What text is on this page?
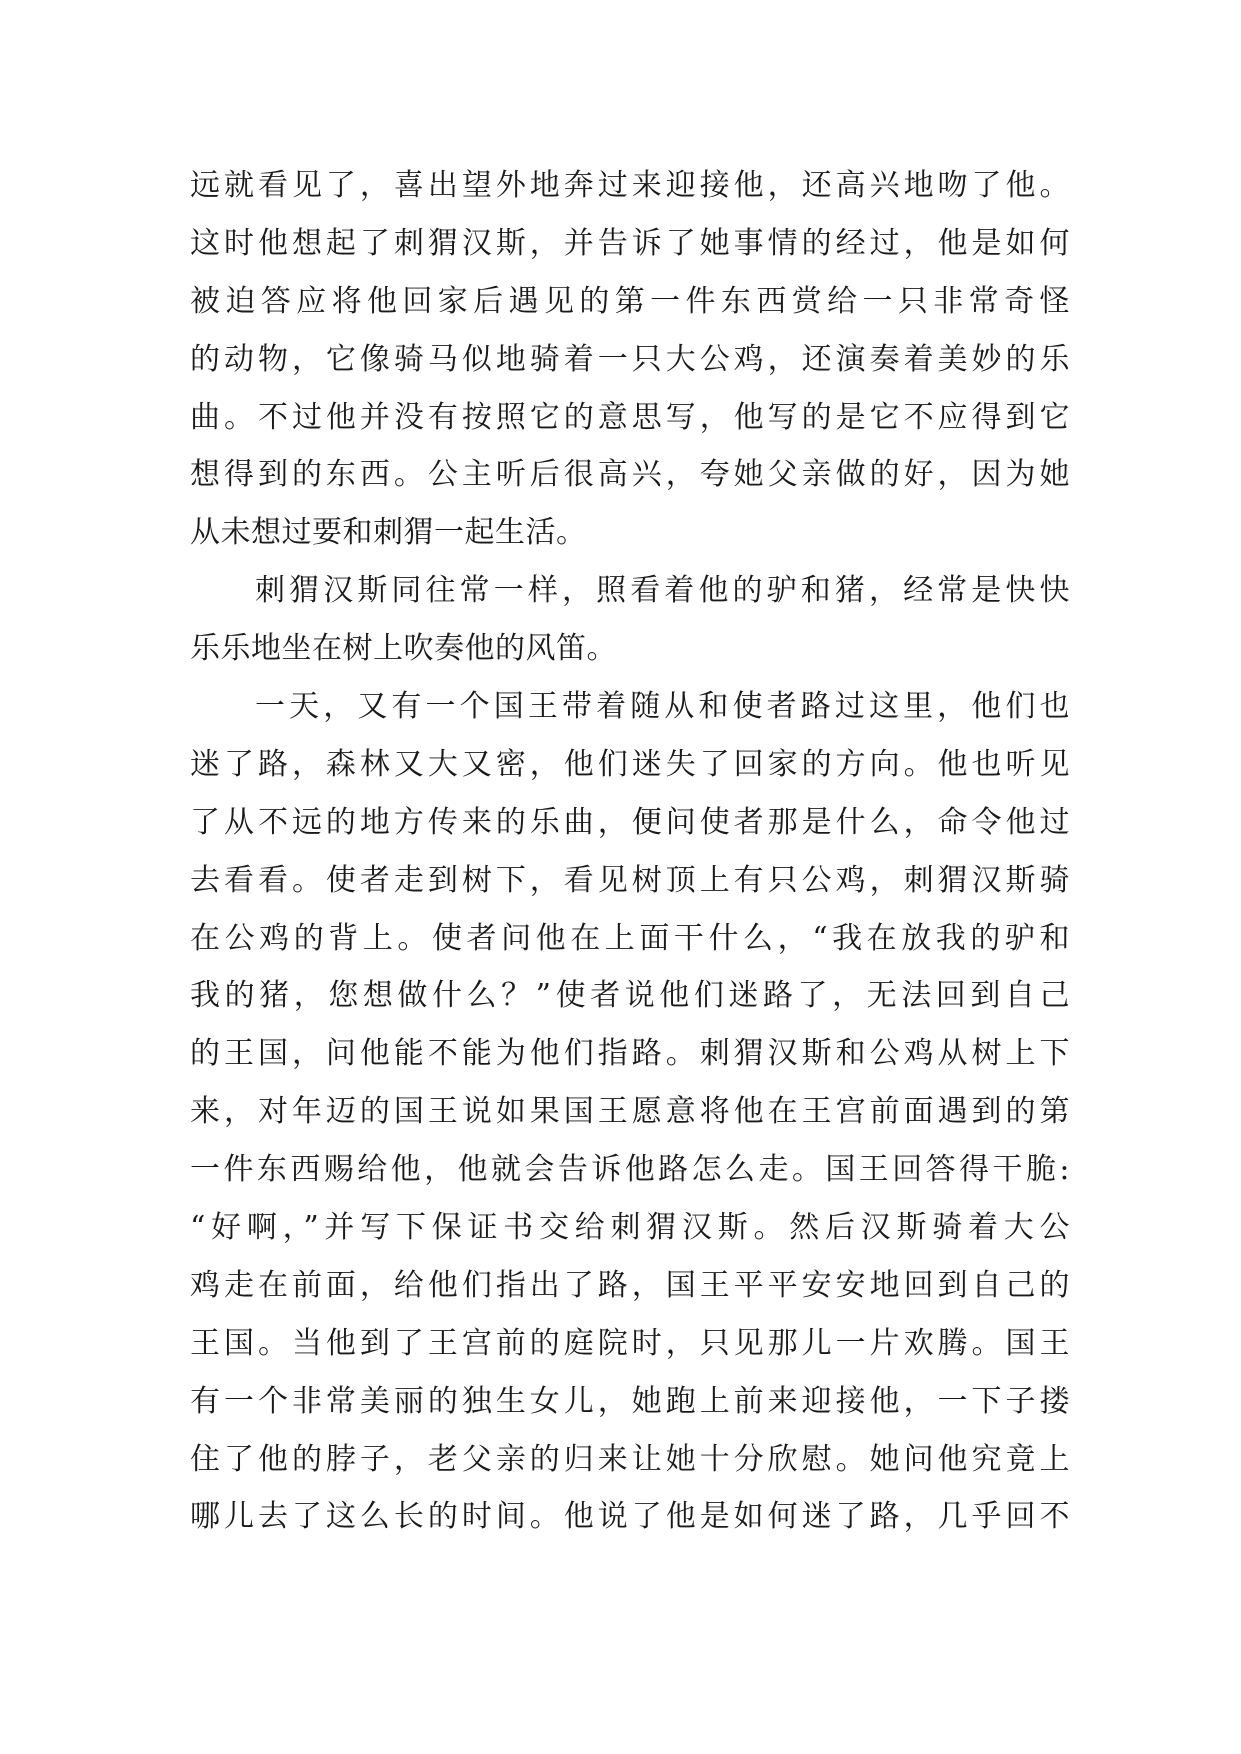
远就看见了，喜出望外地奔过来迎接他，还高兴地吻了他。
这时他想起了刺猬汉斯，并告诉了她事情的经过，他是如何
被迫答应将他回家后遇见的第一件东西赏给一只非常奇怪
的动物，它像骑马似地骑着一只大公鸡，还演奏着美妙的乐
曲。不过他并没有按照它的意思写，他写的是它不应得到它
想得到的东西。公主听后很高兴，夸她父亲做的好，因为她
从未想过要和刺猬一起生活。
刺猬汉斯同往常一样，照看着他的驴和猪，经常是快快
乐乐地坐在树上吹奏他的风笛。
一天，又有一个国王带着随从和使者路过这里，他们也
迷了路，森林又大又密，他们迷失了回家的方向。他也听见
了从不远的地方传来的乐曲，便问使者那是什么，命令他过
去看看。使者走到树下，看见树顶上有只公鸡，刺猬汉斯骑
在公鸡的背上。使者问他在上面干什么，“我在放我的驴和
我的猪，您想做什么？”使者说他们迷路了，无法回到自己
的王国，问他能不能为他们指路。刺猬汉斯和公鸡从树上下
来，对年迈的国王说如果国王愿意将他在王宫前面遇到的第
一件东西赐给他，他就会告诉他路怎么走。国王回答得干脆:
“好啊，”并写下保证书交给刺猬汉斯。然后汉斯骑着大公
鸡走在前面，给他们指出了路，国王平平安安地回到自己的
王国。当他到了王宫前的庭院时，只见那儿一片欢腾。国王
有一个非常美丽的独生女儿，她跑上前来迎接他，一下子搂
住了他的脖子，老父亲的归来让她十分欣慰。她问他究竟上
哪儿去了这么长的时间。他说了他是如何迷了路，几乎回不
